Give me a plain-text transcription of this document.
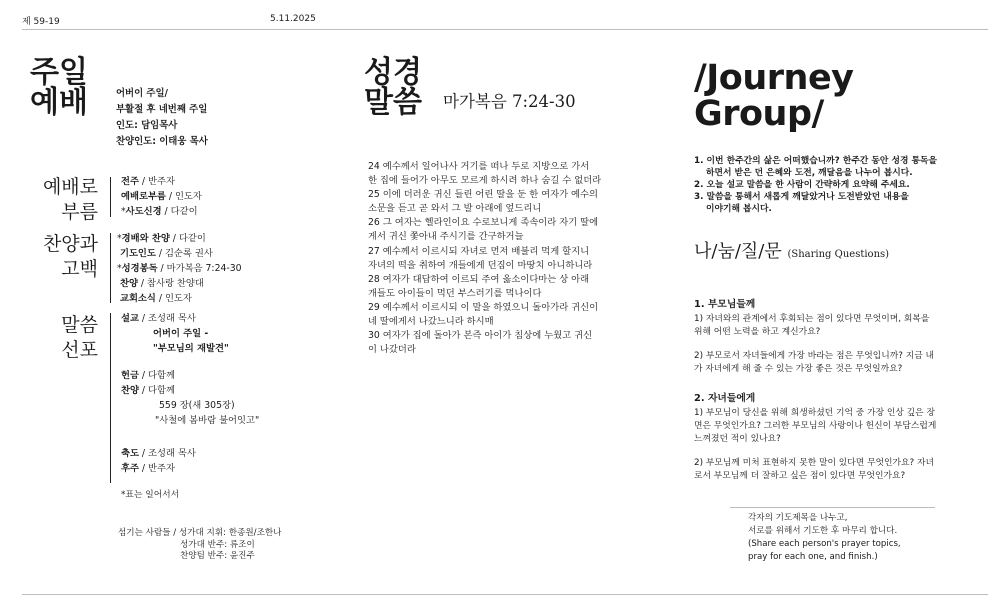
제 59-19	5.11.2025
주일
예배	어버이 주일/
부활절 후 네번째 주일
인도: 담임목사
찬양인도: 이태웅 목사
예배로
부름
전주 / 반주자
예배로부름 / 인도자
*사도신경 / 다같이
찬양과
고백
*경배와 찬양 / 다같이
기도인도 / 김순록 권사
*성경봉독 / 마가복음 7:24-30
찬양 / 참사랑 찬양대
교회소식 / 인도자
말씀
선포
설교 / 조성래 목사
어버이 주일 -
"부모님의 재발견"
헌금 / 다함께
찬양 / 다함께
559 장(새 305장)
"사철에 봄바람 불어잇고"
축도 / 조성래 목사
후주 / 반주자
*표는 일어서서
섬기는 사람들 / 성가대 지휘: 한종원/조한나
성가대 반주: 류조이
찬양팀 반주: 윤진주
성경
말씀 마가복음 7:24-30

24 예수께서 일어나사 거기를 떠나 두로 지방으로 가서

한 집에 들어가 아무도 모르게 하시려 하나 숨길 수 없더라

25 이에 더러운 귀신 들린 어린 딸을 둔 한 여자가 예수의

소문을 듣고 곧 와서 그 발 아래에 엎드리니

26 그 여자는 헬라인이요 수로보니게 족속이라 자기 딸에

게서 귀신 쫓아내 주시기를 간구하거늘

27 예수께서 이르시되 자녀로 먼저 배불리 먹게 할지니

자녀의 떡을 취하여 개들에게 던짐이 마땅치 아니하니라

28 여자가 대답하여 이르되 주여 옳소이다마는 상 아래

개들도 아이들이 먹던 부스러기를 먹나이다

29 예수께서 이르시되 이 말을 하였으니 돌아가라 귀신이

네 딸에게서 나갔느니라 하시매

30 여자가 집에 돌아가 본즉 아이가 침상에 누웠고 귀신

이 나갔더라

/Journey
Group/
1. 이번 한주간의 삶은 어떠했습니까? 한주간 동안 성경 통독을
하면서 받은 던 은혜와 도전, 깨달음을 나누어 봅시다.
2. 오늘 설교 말씀을 한 사람이 간략하게 요약해 주세요.
3. 말씀을 통해서 새롭게 깨달았거나 도전받았던 내용을
이야기해 봅시다.
나/눔/질/문 (Sharing Questions)
1. 부모님들께
1) 자녀와의 관계에서 후회되는 점이 있다면 무엇이며, 회복을
위해 어떤 노력을 하고 계신가요?
2) 부모로서 자녀들에게 가장 바라는 점은 무엇입니까? 지금 내
가 자녀에게 해 줄 수 있는 가장 좋은 것은 무엇일까요?
2. 자녀들에게
1) 부모님이 당신을 위해 희생하셨던 기억 중 가장 인상 깊은 장
면은 무엇인가요? 그러한 부모님의 사랑이나 헌신이 부담스럽게
느껴졌던 적이 있나요?
2) 부모님께 미처 표현하지 못한 말이 있다면 무엇인가요? 자녀
로서 부모님께 더 잘하고 싶은 점이 있다면 무엇인가요?
각자의 기도제목을 나누고,
서로를 위해서 기도한 후 마무리 합니다.
(Share each person's prayer topics,
pray for each one, and finish.)
